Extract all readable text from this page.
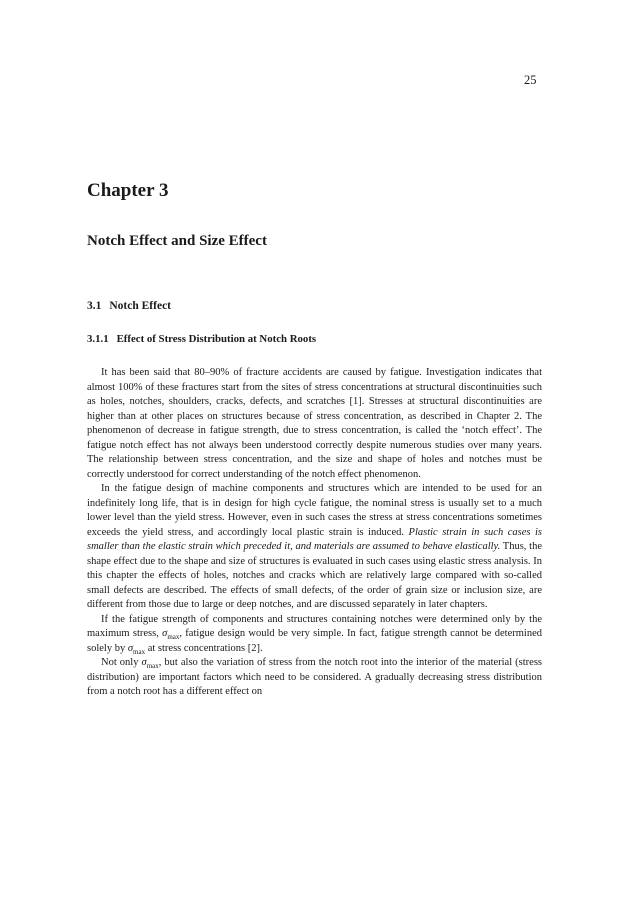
25
Chapter 3
Notch Effect and Size Effect
3.1 Notch Effect
3.1.1 Effect of Stress Distribution at Notch Roots

It has been said that 80–90% of fracture accidents are caused by fatigue. Investigation indicates that almost 100% of these fractures start from the sites of stress concentrations at structural discontinuities such as holes, notches, shoulders, cracks, defects, and scratches [1]. Stresses at structural discontinuities are higher than at other places on structures because of stress concentration, as described in Chapter 2. The phenomenon of decrease in fatigue strength, due to stress concentration, is called the ‘notch effect’. The fatigue notch effect has not always been understood correctly despite numerous studies over many years. The relationship between stress concentration, and the size and shape of holes and notches must be correctly understood for correct understanding of the notch effect phenomenon.

In the fatigue design of machine components and structures which are intended to be used for an indefinitely long life, that is in design for high cycle fatigue, the nominal stress is usually set to a much lower level than the yield stress. However, even in such cases the stress at stress concentrations sometimes exceeds the yield stress, and accordingly local plastic strain is induced. Plastic strain in such cases is smaller than the elastic strain which preceded it, and materials are assumed to behave elastically. Thus, the shape effect due to the shape and size of structures is evaluated in such cases using elastic stress analysis. In this chapter the effects of holes, notches and cracks which are relatively large compared with so-called small defects are described. The effects of small defects, of the order of grain size or inclusion size, are different from those due to large or deep notches, and are discussed separately in later chapters.

If the fatigue strength of components and structures containing notches were determined only by the maximum stress, $\sigma_{max}$, fatigue design would be very simple. In fact, fatigue strength cannot be determined solely by $\sigma_{max}$ at stress concentrations [2].

Not only $\sigma_{max}$, but also the variation of stress from the notch root into the interior of the material (stress distribution) are important factors which need to be considered. A gradually decreasing stress distribution from a notch root has a different effect on
